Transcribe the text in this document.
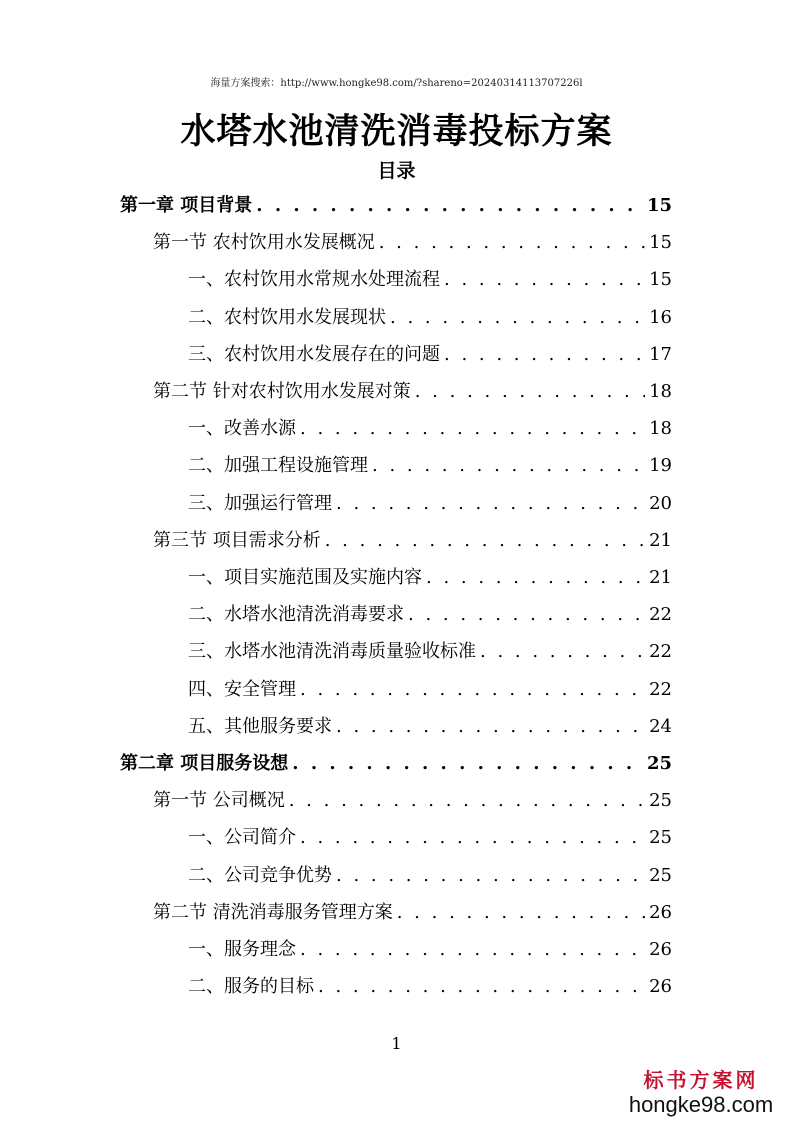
海量方案搜索：http://www.hongke98.com/?shareno=20240314113707226l
水塔水池清洗消毒投标方案
目录
第一章 项目背景 . . .	15
第一节 农村饮用水发展概况 . . .	15
一、农村饮用水常规水处理流程 . . .	15
二、农村饮用水发展现状 . . .	16
三、农村饮用水发展存在的问题 . . .	17
第二节 针对农村饮用水发展对策 . . .	18
一、改善水源 . . .	18
二、加强工程设施管理 . . .	19
三、加强运行管理 . . .	20
第三节 项目需求分析 . . .	21
一、项目实施范围及实施内容 . . .	21
二、水塔水池清洗消毒要求 . . .	22
三、水塔水池清洗消毒质量验收标准 . . .	22
四、安全管理 . . .	22
五、其他服务要求 . . .	24
第二章 项目服务设想 . . .	25
第一节 公司概况 . . .	25
一、公司简介 . . .	25
二、公司竞争优势 . . .	25
第二节 清洗消毒服务管理方案 . . .	26
一、服务理念 . . .	26
二、服务的目标 . . .	26
1
标书方案网
hongke98.com
